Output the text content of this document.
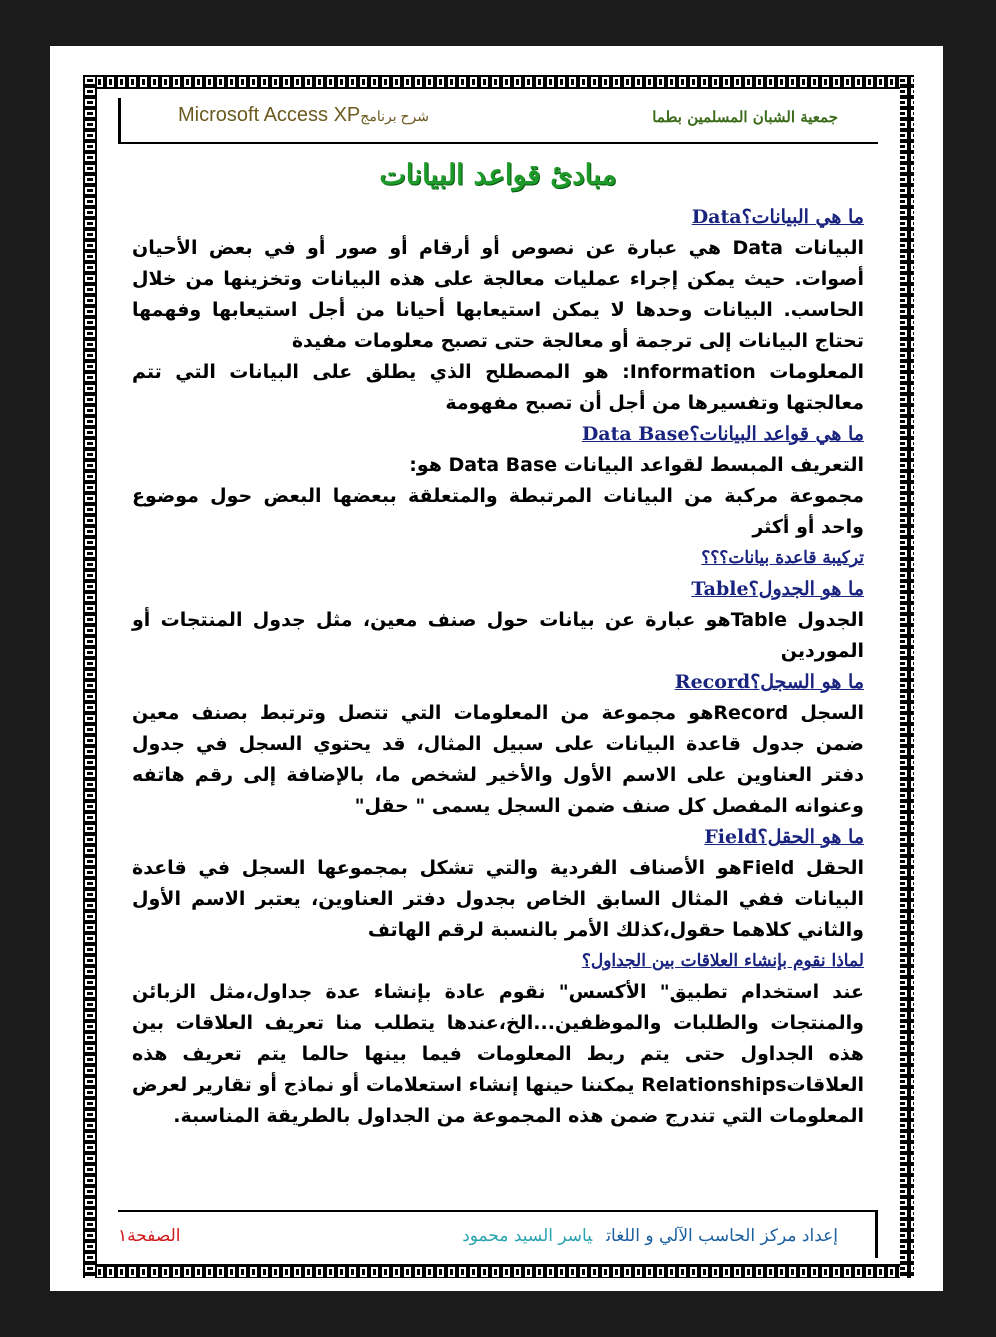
جمعية الشبان المسلمين بطما
Microsoft Access XPشرح برنامج
مبادئ قواعد البيانات

ما هي البيانات؟Data

البيانات Data هي عبارة عن نصوص أو أرقام أو صور أو في بعض الأحيان أصوات. حيث يمكن إجراء عمليات معالجة على هذه البيانات وتخزينها من خلال الحاسب. البيانات وحدها لا يمكن استيعابها أحيانا من أجل استيعابها وفهمها تحتاج البيانات إلى ترجمة أو معالجة حتى تصبح معلومات مفيدة

المعلومات Information: هو المصطلح الذي يطلق على البيانات التي تتم معالجتها وتفسيرها من أجل أن تصبح مفهومة

ما هي قواعد البيانات؟Data Base

التعريف المبسط لقواعد البيانات Data Base هو:

مجموعة مركبة من البيانات المرتبطة والمتعلقة ببعضها البعض حول موضوع واحد أو أكثر

تركيبة قاعدة بيانات؟؟؟

ما هو الجدول؟Table

الجدول Tableهو عبارة عن بيانات حول صنف معين، مثل جدول المنتجات أو الموردين

ما هو السجل؟Record

السجل Recordهو مجموعة من المعلومات التي تتصل وترتبط بصنف معين ضمن جدول قاعدة البيانات على سبيل المثال، قد يحتوي السجل في جدول دفتر العناوين على الاسم الأول والأخير لشخص ما، بالإضافة إلى رقم هاتفه وعنوانه المفصل كل صنف ضمن السجل يسمى " حقل"

ما هو الحقل؟Field

الحقل Fieldهو الأصناف الفردية والتي تشكل بمجموعها السجل في قاعدة البيانات ففي المثال السابق الخاص بجدول دفتر العناوين، يعتبر الاسم الأول والثاني كلاهما حقول،كذلك الأمر بالنسبة لرقم الهاتف

لماذا نقوم بإنشاء العلاقات بين الجداول؟

عند استخدام تطبيق" الأكسس" نقوم عادة بإنشاء عدة جداول،مثل الزبائن والمنتجات والطلبات والموظفين...الخ،عندها يتطلب منا تعريف العلاقات بين هذه الجداول حتى يتم ربط المعلومات فيما بينها حالما يتم تعريف هذه العلاقاتRelationships يمكننا حينها إنشاء استعلامات أو نماذج أو تقارير لعرض المعلومات التي تندرج ضمن هذه المجموعة من الجداول بالطريقة المناسبة.

إعداد مركز الحاسب الآلي و اللغاتياسر السيد محمود
الصفحة١
